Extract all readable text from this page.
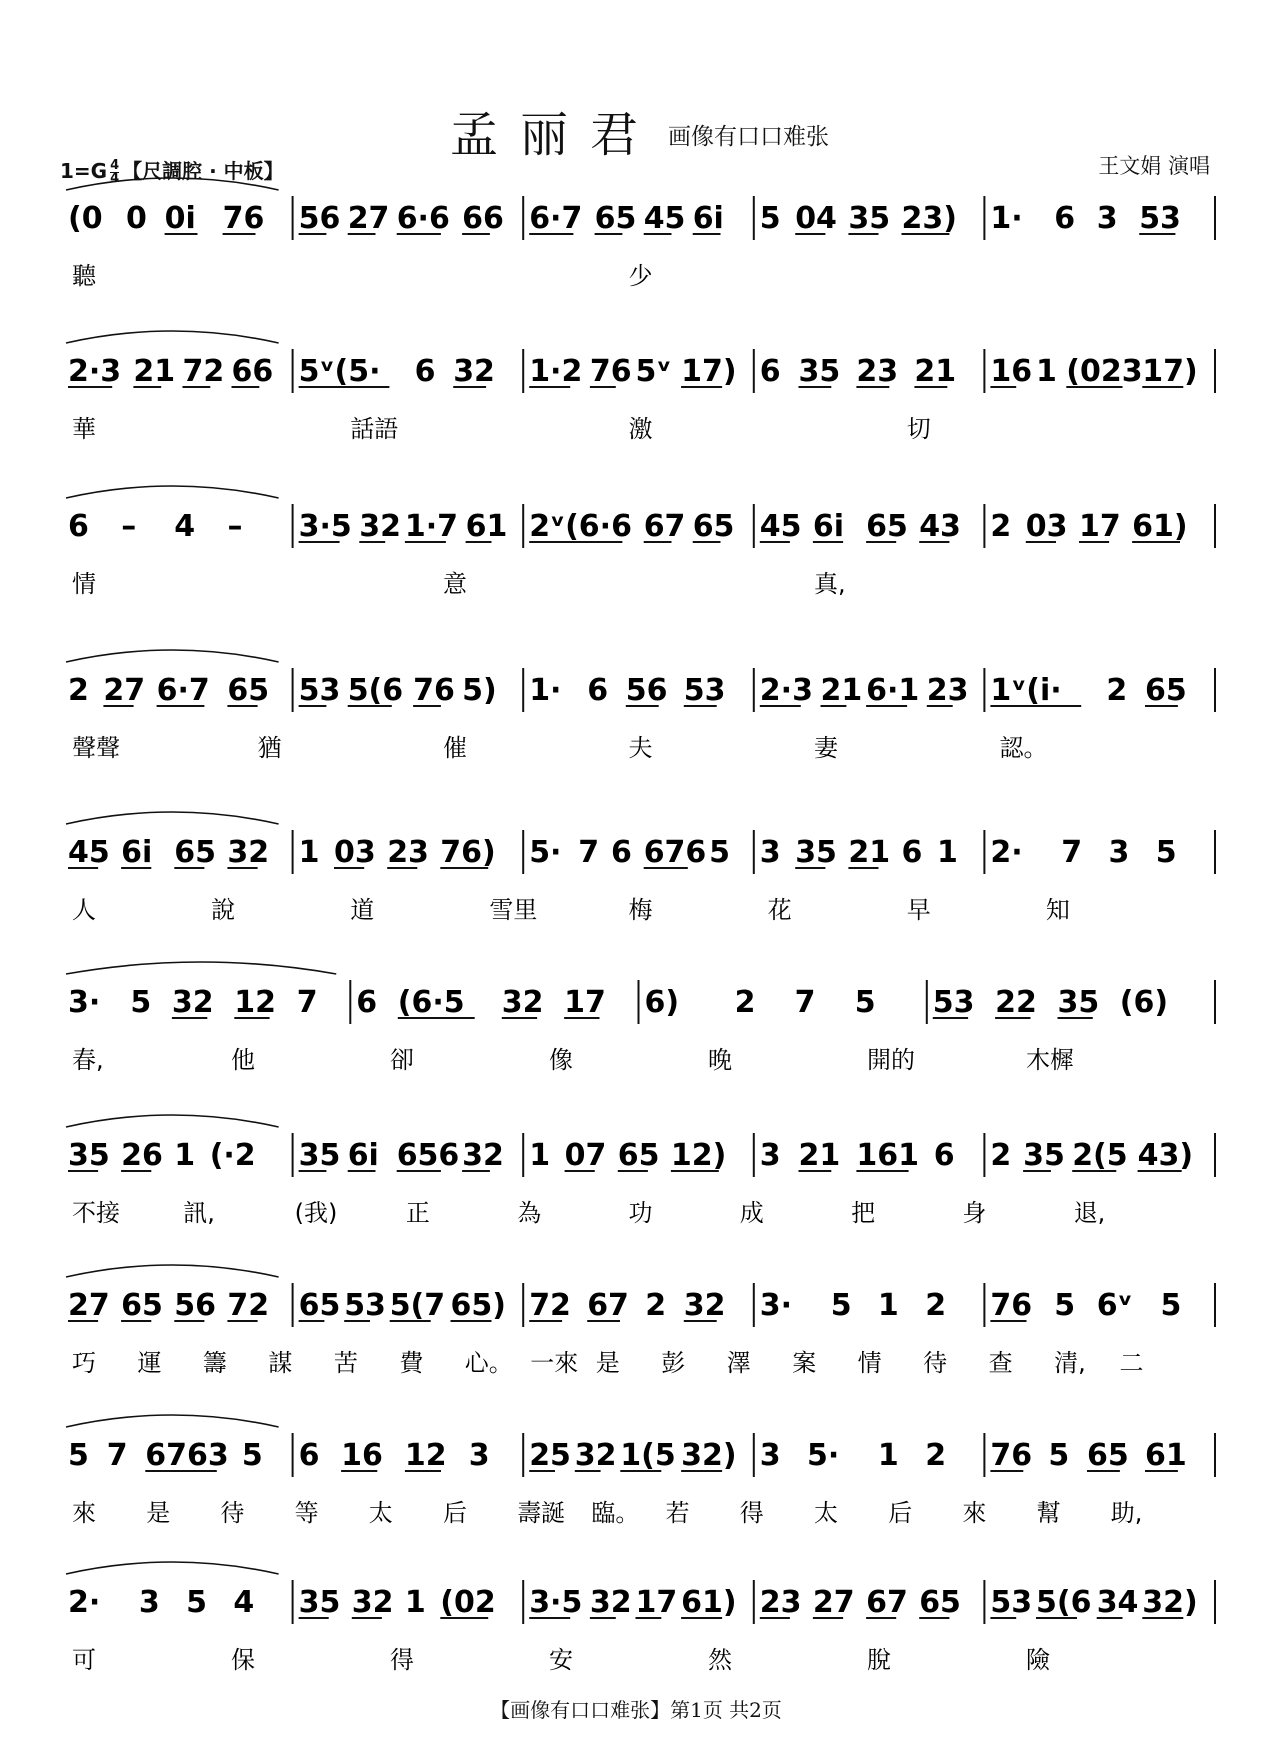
孟丽君 画像有口口难张
王文娟 演唱
$1=G \frac{4}{4}$ 【尺調腔 · 中板】
(0 0 0i 76 56 27 6·6 66 6·7 65 45 6i 5 04 35 23) 1· 6 3 53
聽	少
2·3 21 72 66 5ᵛ(5· 6 32 1·2 76 5ᵛ 17) 6 35 23 21 16 1 (023 17)
華	話語	激	切
6 – 4 – 3·5 32 1·7 61 2ᵛ(6·6 67 65 45 6i 65 43 2 03 17 61)
情	意	真,
2 27 6·7 65 53 5(6 76 5) 1· 6 56 53 2·3 21 6·1 23 1ᵛ(i· 2 65
聲聲	猶	催	夫	妻	認。
45 6i 65 32 1 03 23 76) 5· 7 6 676 5 3 35 21 6 1 2· 7 3 5
人	說	道	雪里	梅	花	早	知
3· 5 32 12 7 6 (6·5 32 17 6) 2 7 5 53 22 35 (6)
春,	他	卻	像	晚	開的	木樨
35 26 1 (·2 35 6i 656 32 1 07 65 12) 3 21 161 6 2 35 2(5 43)
不接	訊,	(我)	正	為	功	成	把	身	退,
27 65 56 72 65 53 5(7 65) 72 67 2 32 3· 5 1 2 76 5 6ᵛ 5
巧 運 籌 謀 苦 費 心。 一來 是 彭 澤 案 情 待 查 清, 二
5 7 6763 5 6 16 12 3 25 32 1(5 32) 3 5· 1 2 76 5 65 61
來 是 待 等 太 后 壽誕 臨。 若 得 太 后 來 幫 助,
2· 3 5 4 35 32 1 (02 3·5 32 17 61) 23 27 67 65 53 5(6 34 32)
可	保	得	安	然	脫	險
【画像有口口难张】第1页 共2页
